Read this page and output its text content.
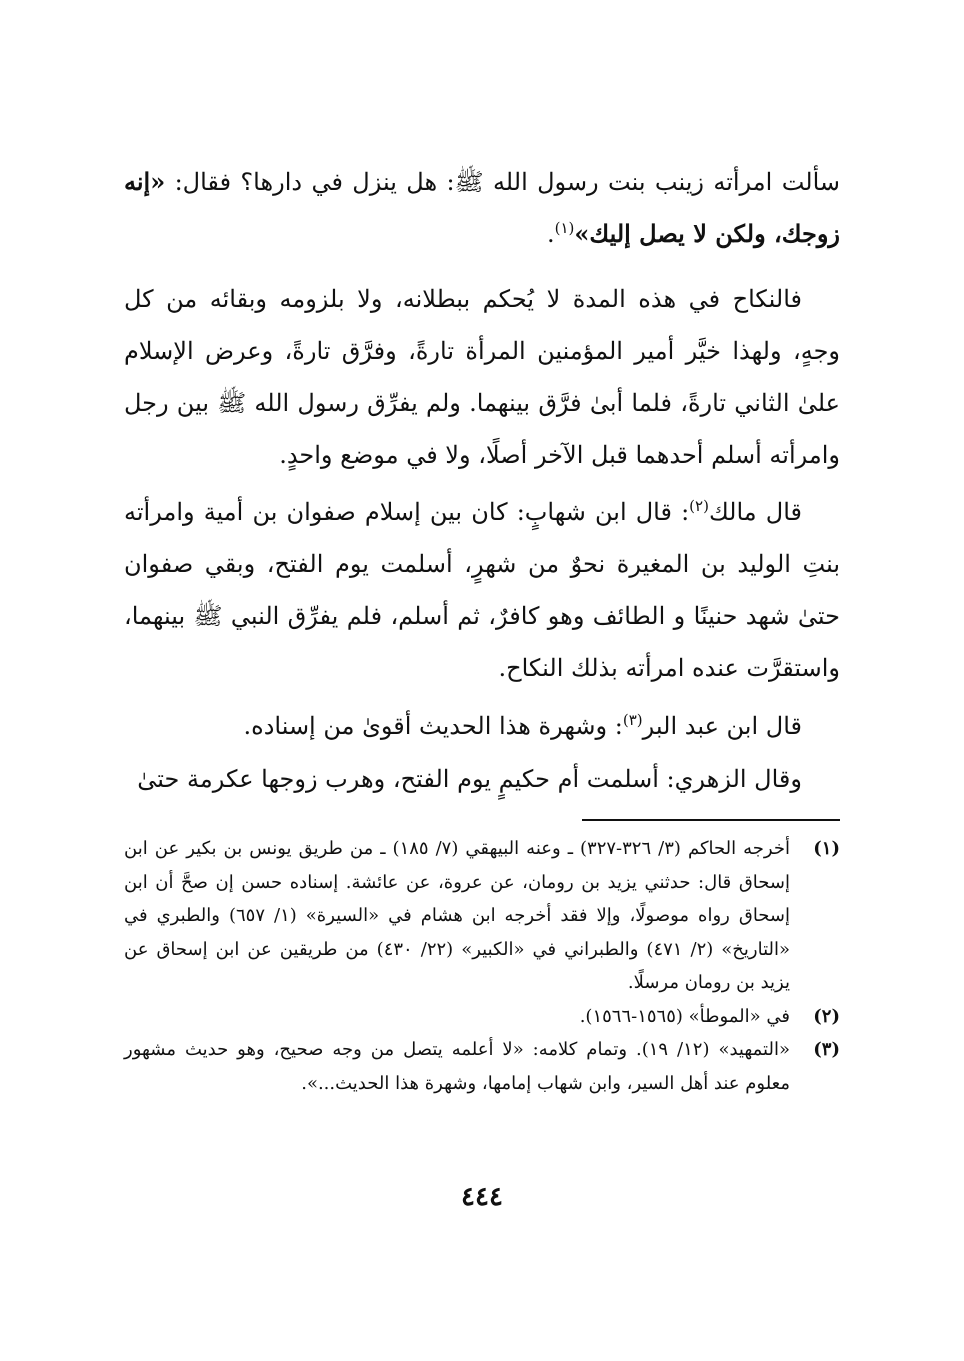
سألت امرأته زينب بنت رسول الله ﷺ: هل ينزل في دارها؟ فقال: «إنه زوجك، ولكن لا يصل إليك»$^{(١)}$.

فالنكاح في هذه المدة لا يُحكم ببطلانه، ولا بلزومه وبقائه من كل وجهٍ، ولهذا خيَّر أمير المؤمنين المرأة تارةً، وفرَّق تارةً، وعرض الإسلام علىٰ الثاني تارةً، فلما أبىٰ فرَّق بينهما. ولم يفرِّق رسول الله ﷺ بين رجل وامرأته أسلم أحدهما قبل الآخر أصلًا، ولا في موضع واحدٍ.

قال مالك$^{(٢)}$: قال ابن شهابٍ: كان بين إسلام صفوان بن أمية وامرأته بنتِ الوليد بن المغيرة نحوٌ من شهرٍ، أسلمت يوم الفتح، وبقي صفوان حتىٰ شهد حنينًا و الطائف وهو كافرٌ، ثم أسلم، فلم يفرِّق النبي ﷺ بينهما، واستقرَّت عنده امرأته بذلك النكاح.

قال ابن عبد البر$^{(٣)}$: وشهرة هذا الحديث أقوىٰ من إسناده.

وقال الزهري: أسلمت أم حكيمٍ يوم الفتح، وهرب زوجها عكرمة حتىٰ

(١)
أخرجه الحاكم (٣/ ٣٢٦-٣٢٧) ـ وعنه البيهقي (٧/ ١٨٥) ـ من طريق يونس بن بكير عن ابن إسحاق قال: حدثني يزيد بن رومان، عن عروة، عن عائشة. إسناده حسن إن صحَّ أن ابن إسحاق رواه موصولًا، وإلا فقد أخرجه ابن هشام في «السيرة» (١/ ٦٥٧) والطبري في «التاريخ» (٢/ ٤٧١) والطبراني في «الكبير» (٢٢/ ٤٣٠) من طريقين عن ابن إسحاق عن يزيد بن رومان مرسلًا.
(٢)
في «الموطأ» (١٥٦٥-١٥٦٦).
(٣)
«التمهيد» (١٢/ ١٩). وتمام كلامه: «لا أعلمه يتصل من وجه صحيح، وهو حديث مشهور معلوم عند أهل السير، وابن شهاب إمامها، وشهرة هذا الحديث...».
٤٤٤
